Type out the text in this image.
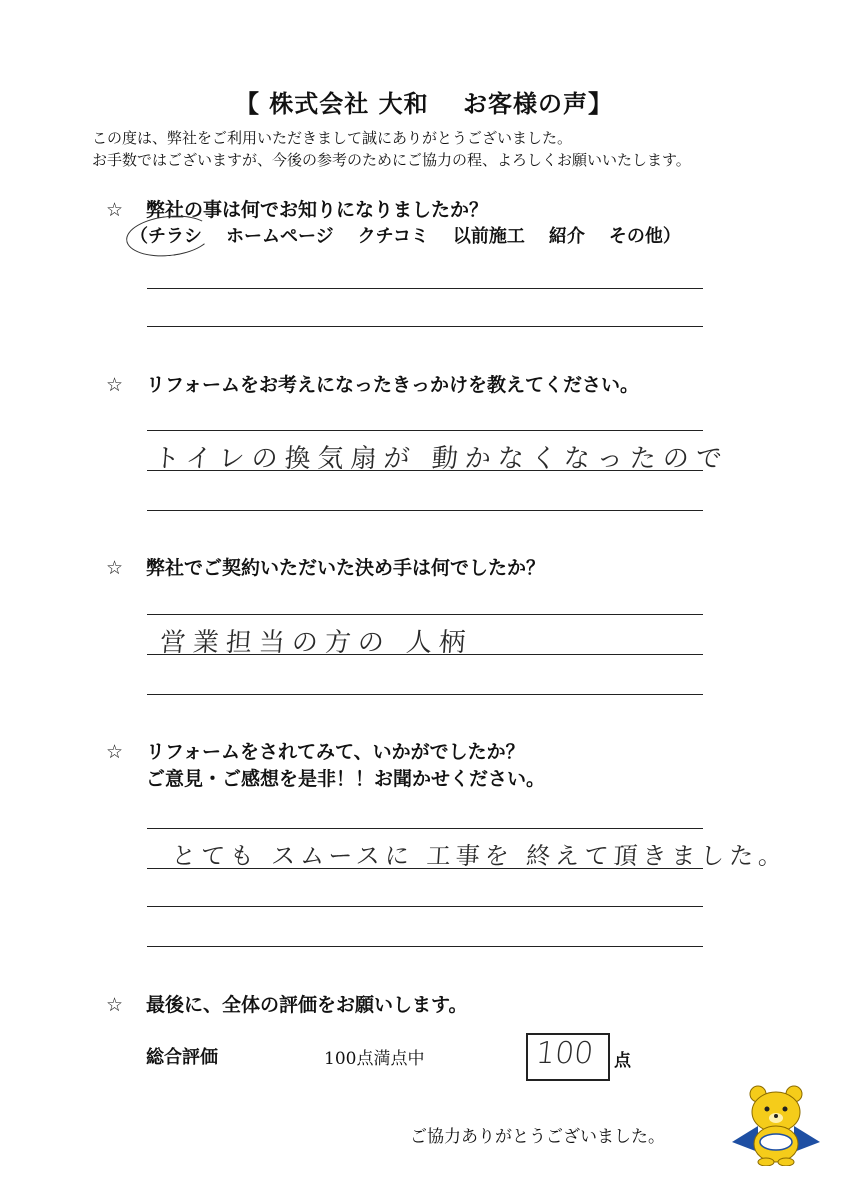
【 株式会社 大和　 お客様の声】
この度は、弊社をご利用いただきまして誠にありがとうございました。
お手数ではございますが、今後の参考のためにご協力の程、よろしくお願いいたします。
☆ 弊社の事は何でお知りになりましたか？
（チラシ ホームページ クチコミ 以前施工 紹介 その他）
☆ リフォームをお考えになったきっかけを教えてください。
トイレの換気扇が 動かなくなったので
☆ 弊社でご契約いただいた決め手は何でしたか？
営業担当の方の 人柄
☆ リフォームをされてみて、いかがでしたか？
ご意見・ご感想を是非！！お聞かせください。
とても スムースに 工事を 終えて頂きました。
☆ 最後に、全体の評価をお願いします。
総合評価	100点満点中	100 点
ご協力ありがとうございました。
